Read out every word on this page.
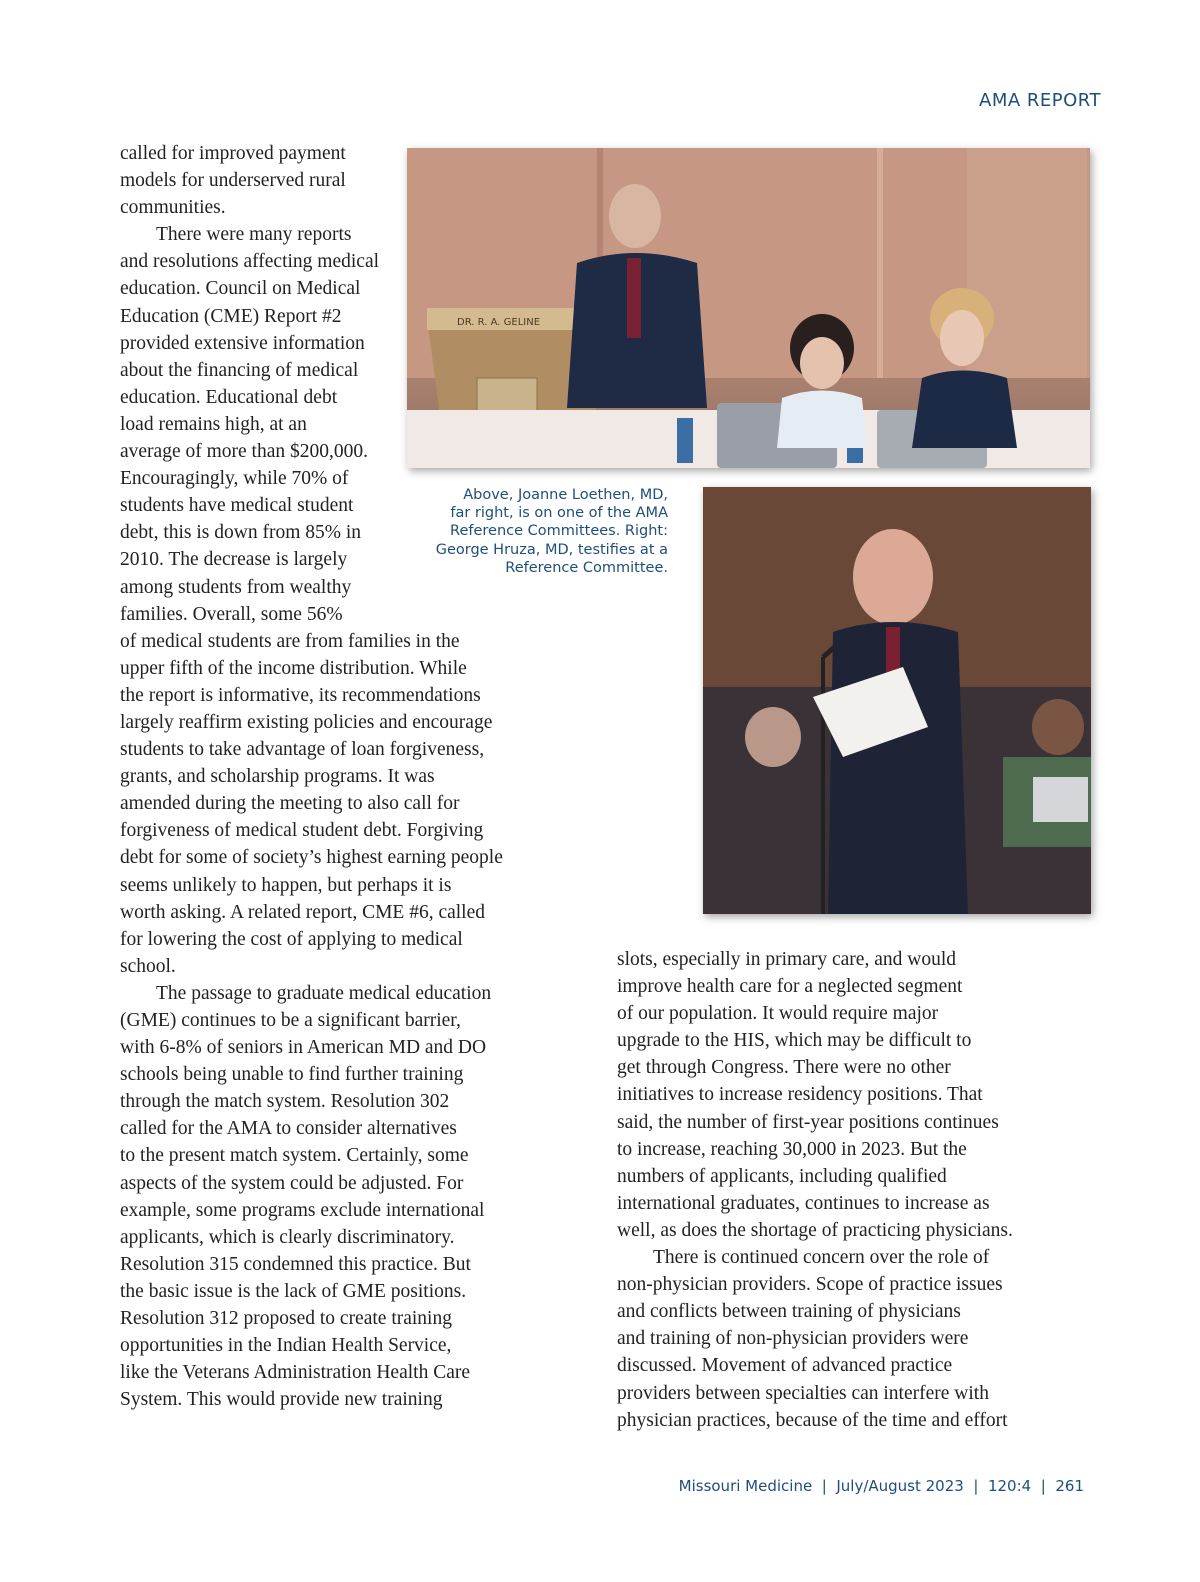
AMA REPORT
called for improved payment
models for underserved rural
communities.
There were many reports
and resolutions affecting medical
education. Council on Medical
Education (CME) Report #2
provided extensive information
about the financing of medical
education. Educational debt
load remains high, at an
average of more than $200,000.
Encouragingly, while 70% of
students have medical student
debt, this is down from 85% in
2010. The decrease is largely
among students from wealthy
families. Overall, some 56%
of medical students are from families in the
upper fifth of the income distribution. While
the report is informative, its recommendations
largely reaffirm existing policies and encourage
students to take advantage of loan forgiveness,
grants, and scholarship programs. It was
amended during the meeting to also call for
forgiveness of medical student debt. Forgiving
debt for some of society’s highest earning people
seems unlikely to happen, but perhaps it is
worth asking. A related report, CME #6, called
for lowering the cost of applying to medical
school.
The passage to graduate medical education
(GME) continues to be a significant barrier,
with 6-8% of seniors in American MD and DO
schools being unable to find further training
through the match system. Resolution 302
called for the AMA to consider alternatives
to the present match system. Certainly, some
aspects of the system could be adjusted. For
example, some programs exclude international
applicants, which is clearly discriminatory.
Resolution 315 condemned this practice. But
the basic issue is the lack of GME positions.
Resolution 312 proposed to create training
opportunities in the Indian Health Service,
like the Veterans Administration Health Care
System. This would provide new training
DR. R. A. GELINE
Above, Joanne Loethen, MD,
far right, is on one of the AMA
Reference Committees. Right:
George Hruza, MD, testifies at a
Reference Committee.
slots, especially in primary care, and would
improve health care for a neglected segment
of our population. It would require major
upgrade to the HIS, which may be difficult to
get through Congress. There were no other
initiatives to increase residency positions. That
said, the number of first-year positions continues
to increase, reaching 30,000 in 2023. But the
numbers of applicants, including qualified
international graduates, continues to increase as
well, as does the shortage of practicing physicians.
There is continued concern over the role of
non-physician providers. Scope of practice issues
and conflicts between training of physicians
and training of non-physician providers were
discussed. Movement of advanced practice
providers between specialties can interfere with
physician practices, because of the time and effort
Missouri Medicine  |  July/August 2023  |  120:4  |  261
